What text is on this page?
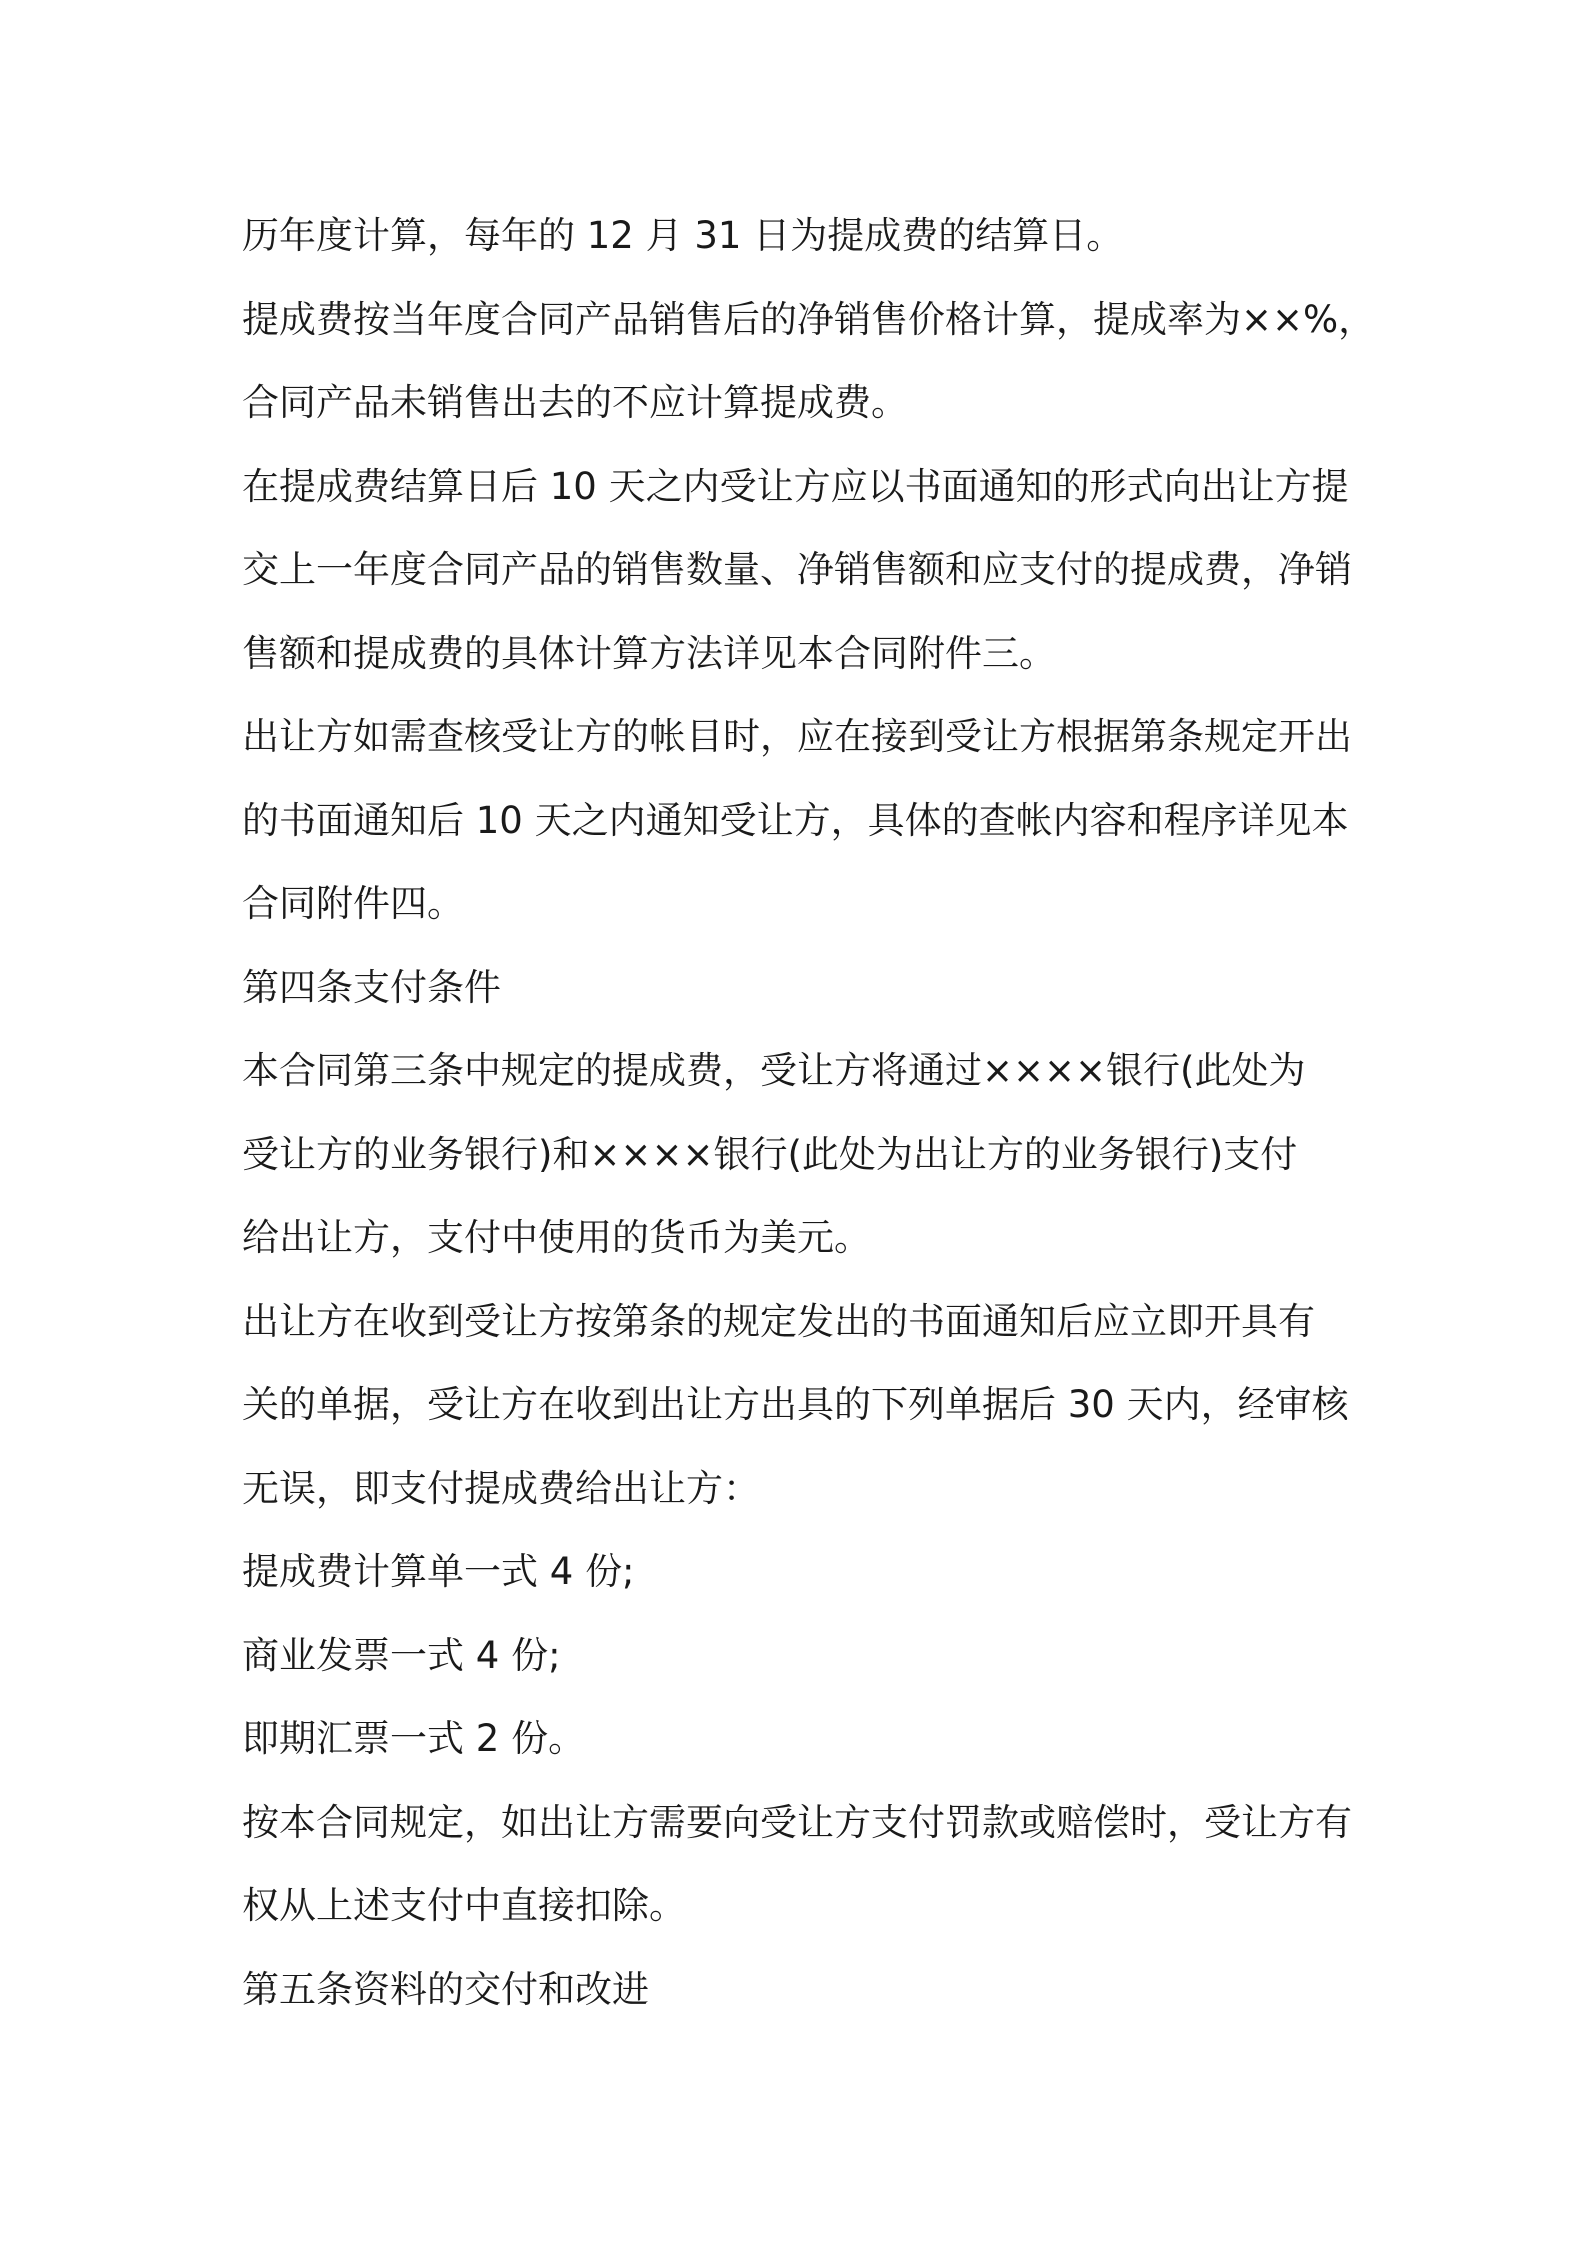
历年度计算，每年的 12 月 31 日为提成费的结算日。
提成费按当年度合同产品销售后的净销售价格计算，提成率为××%，
合同产品未销售出去的不应计算提成费。
在提成费结算日后 10 天之内受让方应以书面通知的形式向出让方提
交上一年度合同产品的销售数量、净销售额和应支付的提成费，净销
售额和提成费的具体计算方法详见本合同附件三。
出让方如需查核受让方的帐目时，应在接到受让方根据第条规定开出
的书面通知后 10 天之内通知受让方，具体的查帐内容和程序详见本
合同附件四。
第四条支付条件
本合同第三条中规定的提成费，受让方将通过××××银行(此处为
受让方的业务银行)和××××银行(此处为出让方的业务银行)支付
给出让方，支付中使用的货币为美元。
出让方在收到受让方按第条的规定发出的书面通知后应立即开具有
关的单据，受让方在收到出让方出具的下列单据后 30 天内，经审核
无误，即支付提成费给出让方：
提成费计算单一式 4 份;
商业发票一式 4 份;
即期汇票一式 2 份。
按本合同规定，如出让方需要向受让方支付罚款或赔偿时，受让方有
权从上述支付中直接扣除。
第五条资料的交付和改进
